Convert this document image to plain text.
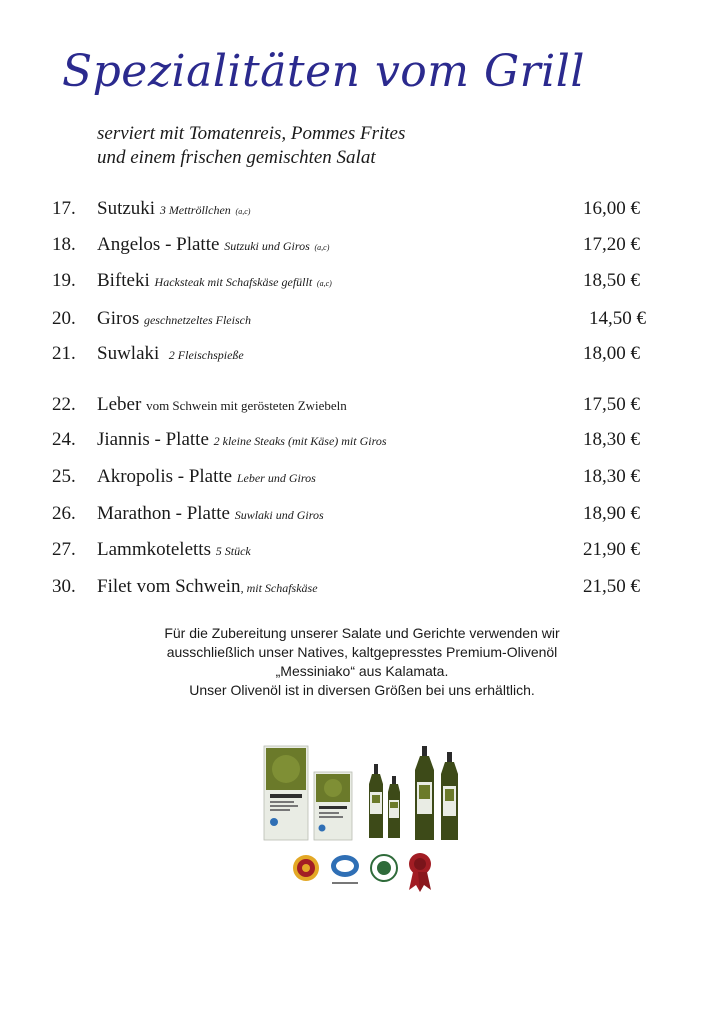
Spezialitäten vom Grill

serviert mit Tomatenreis, Pommes Frites

und einem frischen gemischten Salat

17. Sutzuki 3 Mettröllchen (a,c)	16,00 €
18. Angelos - Platte Sutzuki und Giros (a,c)	17,20 €
19. Bifteki Hacksteak mit Schafskäse gefüllt (a,c)	18,50 €
20. Giros geschnetzeltes Fleisch	14,50 €
21. Suwlaki 2 Fleischspieße	18,00 €
22. Leber vom Schwein mit gerösteten Zwiebeln	17,50 €
24. Jiannis - Platte 2 kleine Steaks (mit Käse) mit Giros	18,30 €
25. Akropolis - Platte Leber und Giros	18,30 €
26. Marathon - Platte Suwlaki und Giros	18,90 €
27. Lammkoteletts 5 Stück	21,90 €
30. Filet vom Schwein, mit Schafskäse	21,50 €

Für die Zubereitung unserer Salate und Gerichte verwenden wir

ausschließlich unser Natives, kaltgepresstes Premium-Olivenöl

„Messiniako“ aus Kalamata.

Unser Olivenöl ist in diversen Größen bei uns erhältlich.
